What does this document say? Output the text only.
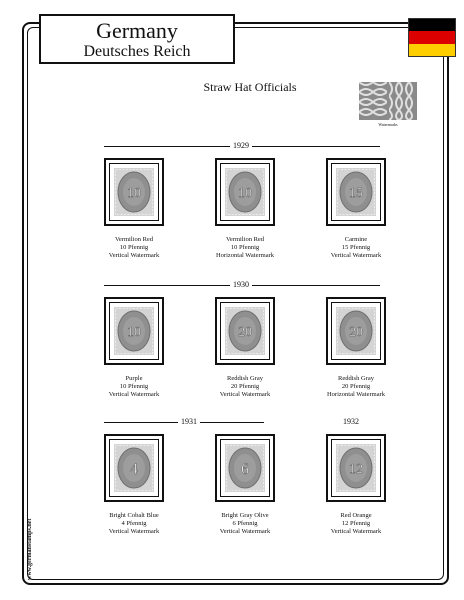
Germany
Deutsches Reich
Straw Hat Officials
Watermarks
1929
1930
1931	1932
10
Vermilion Red
10 Pfennig
Vertical Watermark
10
Vermilion Red
10 Pfennig
Horizontal Watermark
15
Carmine
15 Pfennig
Vertical Watermark
10
Purple
10 Pfennig
Vertical Watermark
20
Reddish Gray
20 Pfennig
Vertical Watermark
20
Reddish Gray
20 Pfennig
Horizontal Watermark
4
Bright Cobalt Blue
4 Pfennig
Vertical Watermark
6
Bright Gray Olive
6 Pfennig
Vertical Watermark
12
Red Orange
12 Pfennig
Vertical Watermark
www.germanstamps.net
